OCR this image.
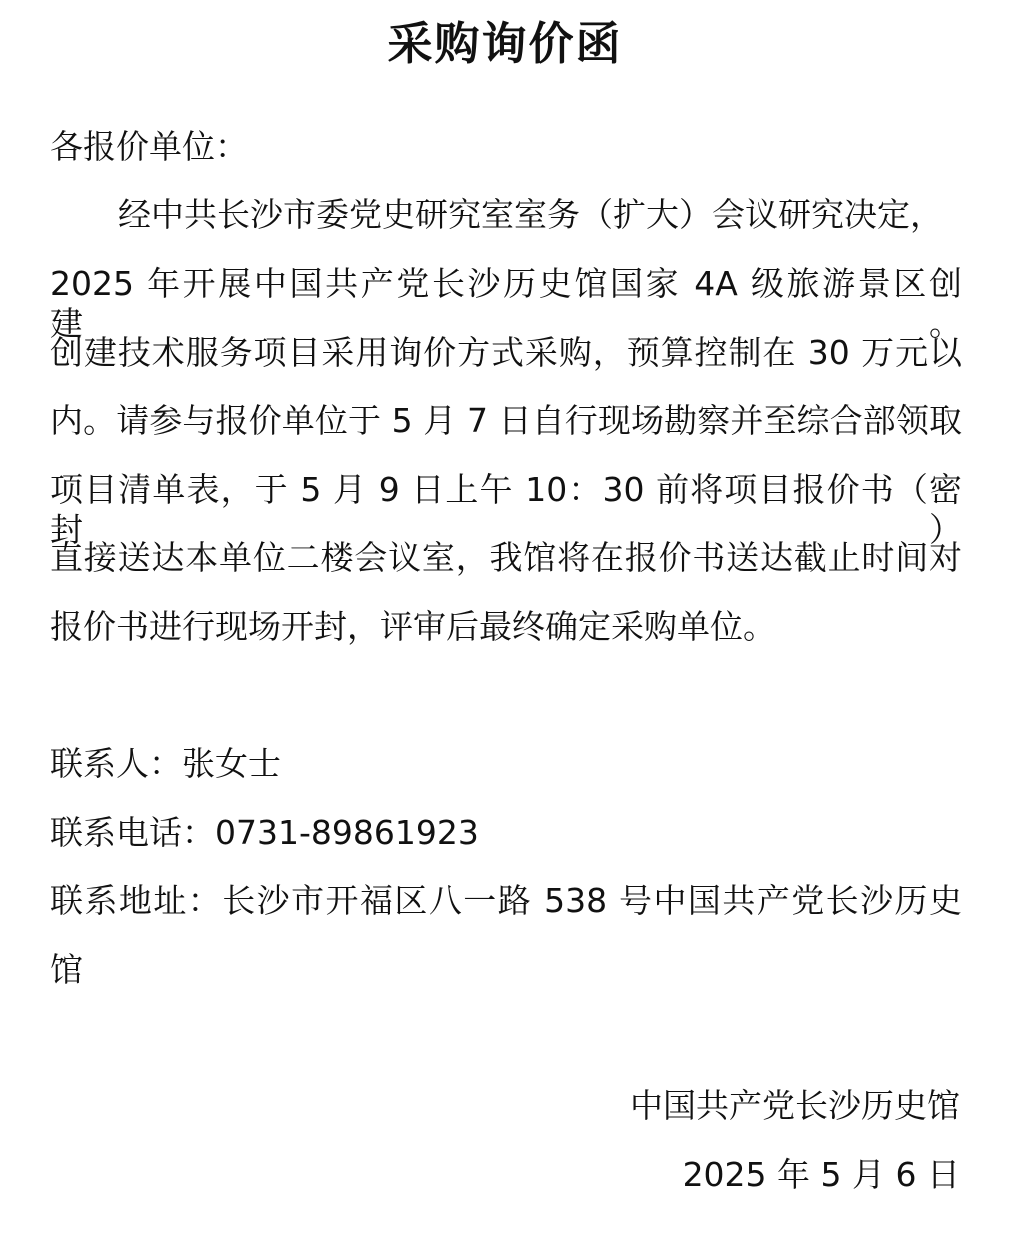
采购询价函
各报价单位：
经中共长沙市委党史研究室室务（扩大）会议研究决定，
2025 年开展中国共产党长沙历史馆国家 4A 级旅游景区创建。
创建技术服务项目采用询价方式采购，预算控制在 30 万元以
内。请参与报价单位于 5 月 7 日自行现场勘察并至综合部领取
项目清单表，于 5 月 9 日上午 10：30 前将项目报价书（密封）
直接送达本单位二楼会议室，我馆将在报价书送达截止时间对
报价书进行现场开封，评审后最终确定采购单位。
联系人：张女士
联系电话：0731-89861923
联系地址：长沙市开福区八一路 538 号中国共产党长沙历史
馆
中国共产党长沙历史馆
2025 年 5 月 6 日
